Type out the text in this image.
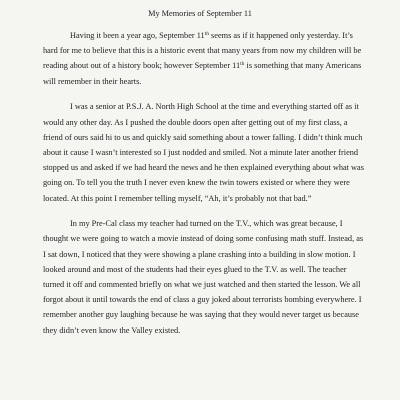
My Memories of September 11
Having it been a year ago, September 11th seems as if it happened only yesterday. It’s
hard for me to believe that this is a historic event that many years from now my children will be
reading about out of a history book; however September 11th is something that many Americans
will remember in their hearts.
I was a senior at P.S.J. A. North High School at the time and everything started off as it
would any other day. As I pushed the double doors open after getting out of my first class, a
friend of ours said hi to us and quickly said something about a tower falling. I didn’t think much
about it cause I wasn’t interested so I just nodded and smiled. Not a minute later another friend
stopped us and asked if we had heard the news and he then explained everything about what was
going on. To tell you the truth I never even knew the twin towers existed or where they were
located. At this point I remember telling myself, “Ah, it’s probably not that bad.”
In my Pre-Cal class my teacher had turned on the T.V., which was great because, I
thought we were going to watch a movie instead of doing some confusing math stuff. Instead, as
I sat down, I noticed that they were showing a plane crashing into a building in slow motion. I
looked around and most of the students had their eyes glued to the T.V. as well. The teacher
turned it off and commented briefly on what we just watched and then started the lesson. We all
forgot about it until towards the end of class a guy joked about terrorists bombing everywhere. I
remember another guy laughing because he was saying that they would never target us because
they didn’t even know the Valley existed.
